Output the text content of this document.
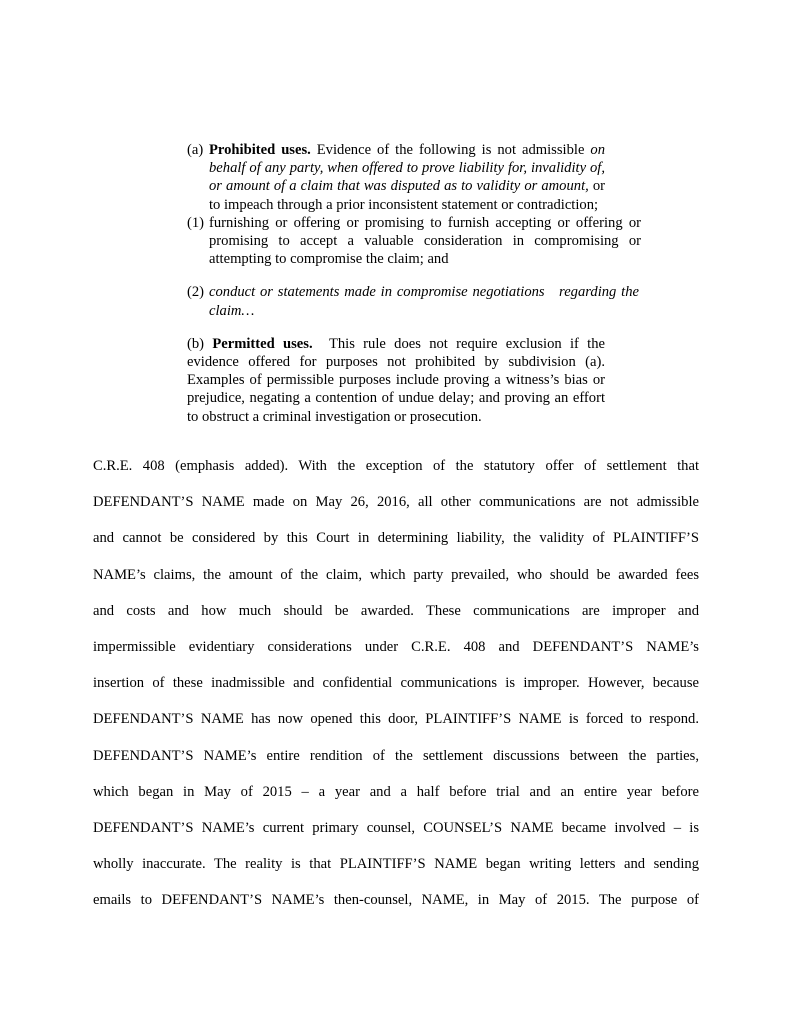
(a) Prohibited uses. Evidence of the following is not admissible on behalf of any party, when offered to prove liability for, invalidity of, or amount of a claim that was disputed as to validity or amount, or to impeach through a prior inconsistent statement or contradiction;
(1) furnishing or offering or promising to furnish accepting or offering or promising to accept a valuable consideration in compromising or attempting to compromise the claim; and
(2) conduct or statements made in compromise negotiations   regarding the claim…
(b) Permitted uses.  This rule does not require exclusion if the evidence offered for purposes not prohibited by subdivision (a). Examples of permissible purposes include proving a witness’s bias or prejudice, negating a contention of undue delay; and proving an effort to obstruct a criminal investigation or prosecution.
C.R.E. 408 (emphasis added). With the exception of the statutory offer of settlement that
DEFENDANT’S NAME made on May 26, 2016, all other communications are not admissible
and cannot be considered by this Court in determining liability, the validity of PLAINTIFF’S
NAME’s claims, the amount of the claim, which party prevailed, who should be awarded fees
and costs and how much should be awarded. These communications are improper and
impermissible evidentiary considerations under C.R.E. 408 and DEFENDANT’S NAME’s
insertion of these inadmissible and confidential communications is improper. However, because
DEFENDANT’S NAME has now opened this door, PLAINTIFF’S NAME is forced to respond.
DEFENDANT’S NAME’s entire rendition of the settlement discussions between the parties,
which began in May of 2015 – a year and a half before trial and an entire year before
DEFENDANT’S NAME’s current primary counsel, COUNSEL’S NAME became involved – is
wholly inaccurate. The reality is that PLAINTIFF’S NAME began writing letters and sending
emails to DEFENDANT’S NAME’s then-counsel, NAME, in May of 2015. The purpose of
